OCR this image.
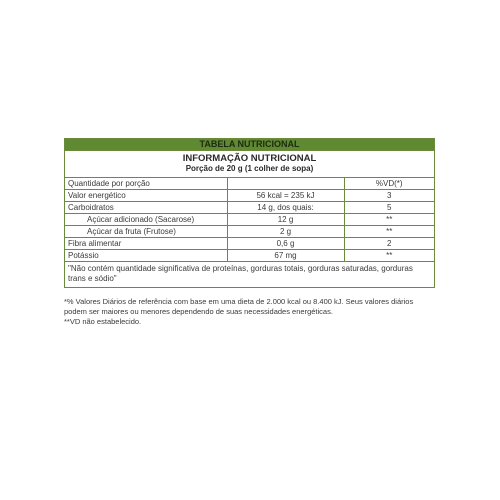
TABELA NUTRICIONAL
INFORMAÇÃO NUTRICIONAL
Porção de 20 g (1 colher de sopa)
Quantidade por porção		%VD(*)
Valor energético	56 kcal = 235 kJ	3
Carboidratos	14 g, dos quais:	5
Açúcar adicionado (Sacarose)	12 g	**
Açúcar da fruta (Frutose)	2 g	**
Fibra alimentar	0,6 g	2
Potássio	67 mg	**
"Não contém quantidade significativa de proteínas, gorduras totais, gorduras saturadas, gorduras trans e sódio"

*% Valores Diários de referência com base em uma dieta de 2.000 kcal ou 8.400 kJ. Seus valores diários podem ser maiores ou menores dependendo de suas necessidades energéticas.

**VD não estabelecido.
